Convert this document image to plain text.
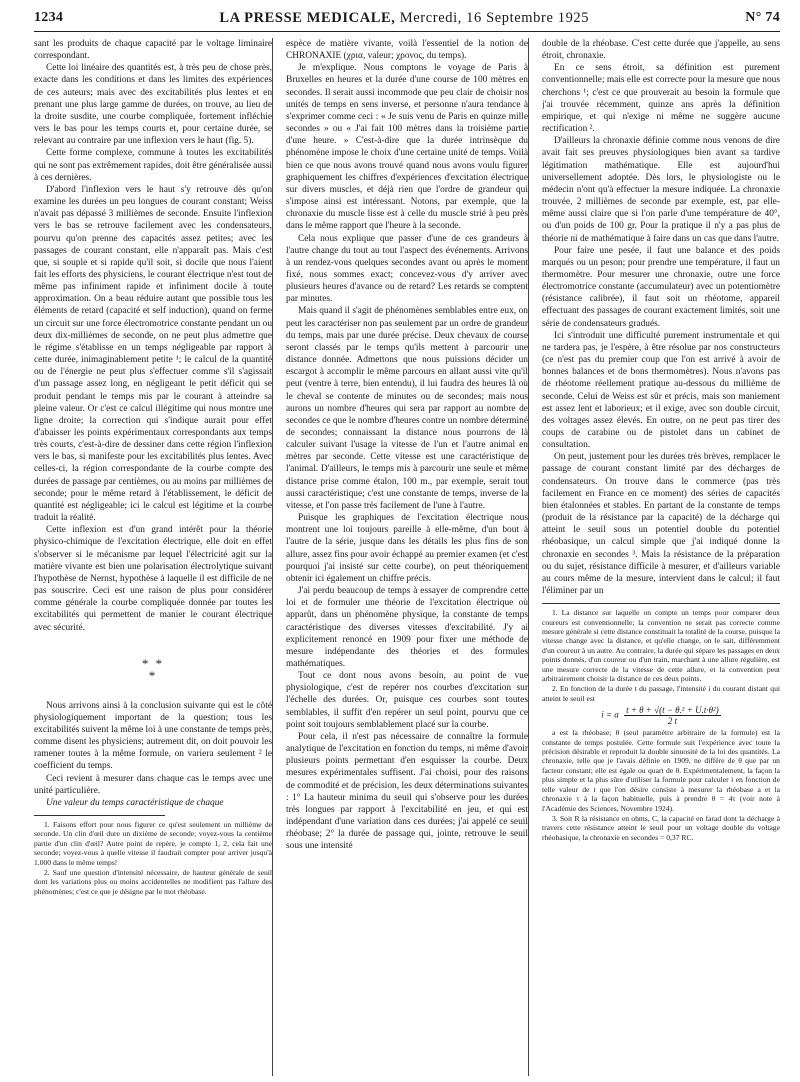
1234	LA PRESSE MEDICALE, Mercredi, 16 Septembre 1925	N° 74

sant les produits de chaque capacité par le voltage liminaire correspondant.

Cette loi linéaire des quantités est, à très peu de chose près, exacte dans les conditions et dans les limites des expériences de ces auteurs; mais avec des excitabilités plus lentes et en prenant une plus large gamme de durées, on trouve, au lieu de la droite susdite, une courbe compliquée, fortement infléchie vers le bas pour les temps courts et, pour certaine durée, se relevant au contraire par une inflexion vers le haut (fig. 5).

Cette forme complexe, commune à toutes les excitabilités qui ne sont pas extrêmement rapides, doit être généralisée aussi à ces dernières.

D'abord l'inflexion vers le haut s'y retrouve dès qu'on examine les durées un peu longues de courant constant; Weiss n'avait pas dépassé 3 millièmes de seconde. Ensuite l'inflexion vers le bas se retrouve facilement avec les condensateurs, pourvu qu'on prenne des capacités assez petites; avec les passages de courant constant, elle n'apparaît pas. Mais c'est que, si souple et si rapide qu'il soit, si docile que nous l'aient fait les efforts des physiciens, le courant électrique n'est tout de même pas infiniment rapide et infiniment docile à toute approximation. On a beau réduire autant que possible tous les éléments de retard (capacité et self induction), quand on ferme un circuit sur une force électromotrice constante pendant un ou deux dix-millièmes de seconde, on ne peut plus admettre que le régime s'établisse en un temps négligeable par rapport à cette durée, inimaginablement petite ¹; le calcul de la quantité ou de l'énergie ne peut plus s'effectuer comme s'il s'agissait d'un passage assez long, en négligeant le petit déficit qui se produit pendant le temps mis par le courant à atteindre sa pleine valeur. Or c'est ce calcul illégitime qui nous montre une ligne droite; la correction qui s'indique aurait pour effet d'abaisser les points expérimentaux correspondants aux temps très courts, c'est-à-dire de dessiner dans cette région l'inflexion vers le bas, si manifeste pour les excitabilités plus lentes. Avec celles-ci, la région correspondante de la courbe compte des durées de passage par centièmes, ou au moins par millièmes de seconde; pour le même retard à l'établissement, le déficit de quantité est négligeable; ici le calcul est légitime et la courbe traduit la réalité.

Cette inflexion est d'un grand intérêt pour la théorie physico-chimique de l'excitation électrique, elle doit en effet s'observer si le mécanisme par lequel l'électricité agit sur la matière vivante est bien une polarisation électrolytique suivant l'hypothèse de Nernst, hypothèse à laquelle il est difficile de ne pas souscrire. Ceci est une raison de plus pour considérer comme générale la courbe compliquée donnée par toutes les excitabilités qui permettent de manier le courant électrique avec sécurité.

* *
*

Nous arrivons ainsi à la conclusion suivante qui est le côté physiologiquement important de la question; tous les excitabilités suivent la même loi à une constante de temps près, comme disent les physiciens; autrement dit, on doit pouvoir les ramener toutes à la même formule, on variera seulement ² le coefficient du temps.

Ceci revient à mesurer dans chaque cas le temps avec une unité particulière.

Une valeur du temps caractéristique de chaque

1. Faisons effort pour nous figurer ce qu'est seulement un millième de seconde. Un clin d'œil dure un dixième de seconde; voyez-vous la centième partie d'un clin d'œil? Autre point de repère, je compte 1, 2, cela fait une seconde; voyez-vous à quelle vitesse il faudrait compter pour arriver jusqu'à 1.000 dans le même temps!

2. Sauf une question d'intensité nécessaire, de hauteur générale de seuil dont les variations plus ou moins accidentelles ne modifient pas l'allure des phénomènes; c'est ce que je désigne par le mot rhéobase.

espèce de matière vivante, voilà l'essentiel de la notion de CHRONAXIE (χρια, valeur; χρονος, du temps).

Je m'explique. Nous comptons le voyage de Paris à Bruxelles en heures et la durée d'une course de 100 mètres en secondes. Il serait aussi incommode que peu clair de choisir nos unités de temps en sens inverse, et personne n'aura tendance à s'exprimer comme ceci : « Je suis venu de Paris en quinze mille secondes » ou « J'ai fait 100 mètres dans la troisième partie d'une heure. » C'est-à-dire que la durée intrinsèque du phénomène impose le choix d'une certaine unité de temps. Voilà bien ce que nous avons trouvé quand nous avons voulu figurer graphiquement les chiffres d'expériences d'excitation électrique sur divers muscles, et déjà rien que l'ordre de grandeur qui s'impose ainsi est intéressant. Notons, par exemple, que la chronaxie du muscle lisse est à celle du muscle strié à peu près dans le même rapport que l'heure à la seconde.

Cela nous explique que passer d'une de ces grandeurs à l'autre change du tout au tout l'aspect des événements. Arrivons à un rendez-vous quelques secondes avant ou après le moment fixé, nous sommes exact; concevez-vous d'y arriver avec plusieurs heures d'avance ou de retard? Les retards se comptent par minutes.

Mais quand il s'agit de phénomènes semblables entre eux, on peut les caractériser non pas seulement par un ordre de grandeur du temps, mais par une durée précise. Deux chevaux de course seront classés par le temps qu'ils mettent à parcourir une distance donnée. Admettons que nous puissions décider un escargot à accomplir le même parcours en allant aussi vite qu'il peut (ventre à terre, bien entendu), il lui faudra des heures là où le cheval se contente de minutes ou de secondes; mais nous aurons un nombre d'heures qui sera par rapport au nombre de secondes ce que le nombre d'heures contre un nombre déterminé de secondes; connaissant la distance nous pourrons de là calculer suivant l'usage la vitesse de l'un et l'autre animal en mètres par seconde. Cette vitesse est une caractéristique de l'animal. D'ailleurs, le temps mis à parcourir une seule et même distance prise comme étalon, 100 m., par exemple, serait tout aussi caractéristique; c'est une constante de temps, inverse de la vitesse, et l'on passe très facilement de l'une à l'autre.

Puisque les graphiques de l'excitation électrique nous montrent une loi toujours pareille à elle-même, d'un bout à l'autre de la série, jusque dans les détails les plus fins de son allure, assez fins pour avoir échappé au premier examen (et c'est pourquoi j'ai insisté sur cette courbe), on peut théoriquement obtenir ici également un chiffre précis.

J'ai perdu beaucoup de temps à essayer de comprendre cette loi et de formuler une théorie de l'excitation électrique où apparût, dans un phénomène physique, la constante de temps caractéristique des diverses vitesses d'excitabilité. J'y ai explicitement renoncé en 1909 pour fixer une méthode de mesure indépendante des théories et des formules mathématiques.

Tout ce dont nous avons besoin, au point de vue physiologique, c'est de repérer nos courbes d'excitation sur l'échelle des durées. Or, puisque ces courbes sont toutes semblables, il suffit d'en repérer un seul point, pourvu que ce point soit toujours semblablement placé sur la courbe.

Pour cela, il n'est pas nécessaire de connaître la formule analytique de l'excitation en fonction du temps, ni même d'avoir plusieurs points permettant d'en esquisser la courbe. Deux mesures expérimentales suffisent. J'ai choisi, pour des raisons de commodité et de précision, les deux déterminations suivantes : 1° La hauteur minima du seuil qui s'observe pour les durées très longues par rapport à l'excitabilité en jeu, et qui est indépendant d'une variation dans ces durées; j'ai appelé ce seuil rhéobase; 2° la durée de passage qui, jointe, retrouve le seuil sous une intensité

double de la rhéobase. C'est cette durée que j'appelle, au sens étroit, chronaxie.

En ce sens étroit, sa définition est purement conventionnelle; mais elle est correcte pour la mesure que nous cherchons ¹; c'est ce que prouverait au besoin la formule que j'ai trouvée récemment, quinze ans après la définition empirique, et qui n'exige ni même ne suggère aucune rectification ².

D'ailleurs la chronaxie définie comme nous venons de dire avait fait ses preuves physiologiques bien avant sa tardive légitimation mathématique. Elle est aujourd'hui universellement adoptée. Dès lors, le physiologiste ou le médecin n'ont qu'à effectuer la mesure indiquée. La chronaxie trouvée, 2 millièmes de seconde par exemple, est, par elle-même aussi claire que si l'on parle d'une température de 40°, ou d'un poids de 100 gr. Pour la pratique il n'y a pas plus de théorie ni de mathématique à faire dans un cas que dans l'autre.

Pour faire une pesée, il faut une balance et des poids marqués ou un peson; pour prendre une température, il faut un thermomètre. Pour mesurer une chronaxie, outre une force électromotrice constante (accumulateur) avec un potentiomètre (résistance calibrée), il faut soit un rhéotome, appareil effectuant des passages de courant exactement limités, soit une série de condensateurs gradués.

Ici s'introduit une difficulté purement instrumentale et qui ne tardera pas, je l'espère, à être résolue par nos constructeurs (ce n'est pas du premier coup que l'on est arrivé à avoir de bonnes balances et de bons thermomètres). Nous n'avons pas de rhéotome réellement pratique au-dessous du millième de seconde. Celui de Weiss est sûr et précis, mais son maniement est assez lent et laborieux; et il exige, avec son double circuit, des voltages assez élevés. En outre, on ne peut pas tirer des coups de carabine ou de pistolet dans un cabinet de consultation.

On peut, justement pour les durées très brèves, remplacer le passage de courant constant limité par des décharges de condensateurs. On trouve dans le commerce (pas très facilement en France en ce moment) des séries de capacités bien étalonnées et stables. En partant de la constante de temps (produit de la résistance par la capacité) de la décharge qui atteint le seuil sous un potentiel double du potentiel rhéobasique, un calcul simple que j'ai indiqué donne la chronaxie en secondes ³. Mais la résistance de la préparation ou du sujet, résistance difficile à mesurer, et d'ailleurs variable au cours même de la mesure, intervient dans le calcul; il faut l'éliminer par un

1. La distance sur laquelle on compte un temps pour comparer deux coureurs est conventionnelle; la convention ne serait pas correcte comme mesure générale si cette distance constituait la totalité de la course, puisque la vitesse change avec la distance, et qu'elle change, on le sait, différemment d'un coureur à un autre. Au contraire, la durée qui sépare les passages en deux points donnés, d'un coureur ou d'un train, marchant à une allure régulière, est une mesure correcte de la vitesse de cette allure, et la convention peut arbitrairement choisir la distance de ces deux points.

2. En fonction de la durée t du passage, l'intensité i du courant distant qui atteint le seuil est

i = a $\frac{\text{t + θ + √(t − θ.² + U.t·θ²)}}{2 t}$

a est la rhéobase; θ (seul paramètre arbitraire de la formule) est la constante de temps postulée. Cette formule suit l'expérience avec toute la précision désirable et reproduit la double sinuosité de la loi des quantités. La chronaxie, telle que je l'avais définie en 1909, ne diffère de θ que par un facteur constant; elle est égale ou quart de θ. Expérimentalement, la façon la plus simple et la plus sûre d'utiliser la formule pour calculer i en fonction de telle valeur de t que l'on désire consiste à mesurer la rhéobase a et la chronaxie τ à la façon habituelle, puis à prendre θ = 4τ (voir note à l'Académie des Sciences, Novembre 1924).

3. Soit R la résistance en ohms, C, la capacité en farad dont la décharge à travers cette résistance atteint le seuil pour un voltage double du voltage rhéobasique, la chronaxie en secondes = 0,37 RC.
